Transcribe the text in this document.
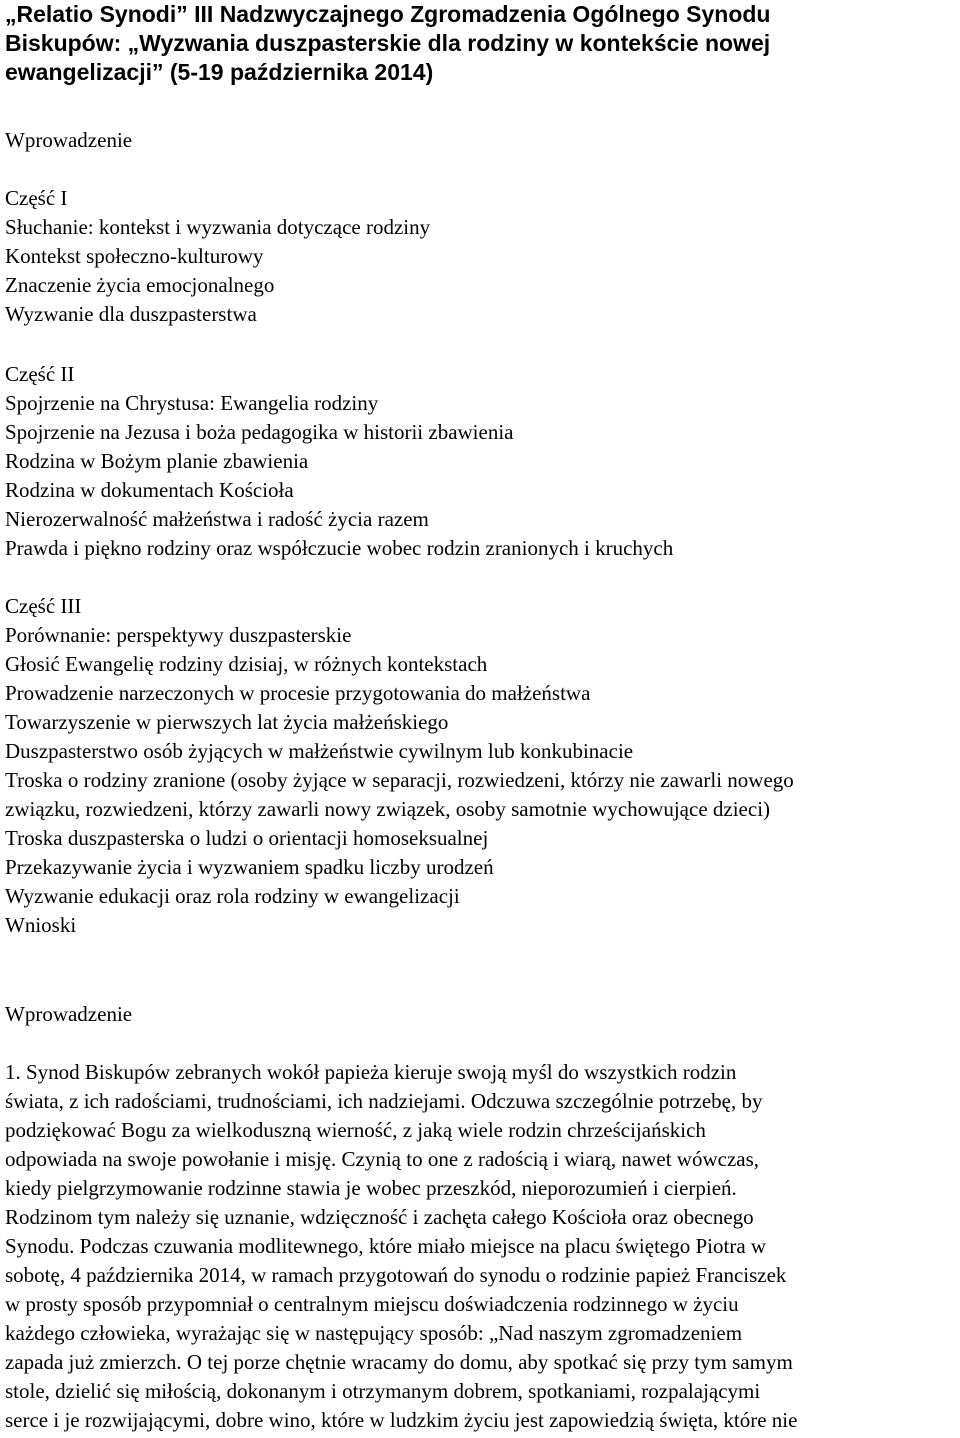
„Relatio Synodi” III Nadzwyczajnego Zgromadzenia Ogólnego Synodu
Biskupów: „Wyzwania duszpasterskie dla rodziny w kontekście nowej
ewangelizacji” (5-19 października 2014)
Wprowadzenie
Część I
Słuchanie: kontekst i wyzwania dotyczące rodziny
Kontekst społeczno-kulturowy
Znaczenie życia emocjonalnego
Wyzwanie dla duszpasterstwa
Część II
Spojrzenie na Chrystusa: Ewangelia rodziny
Spojrzenie na Jezusa i boża pedagogika w historii zbawienia
Rodzina w Bożym planie zbawienia
Rodzina w dokumentach Kościoła
Nierozerwalność małżeństwa i radość życia razem
Prawda i piękno rodziny oraz współczucie wobec rodzin zranionych i kruchych
Część III
Porównanie: perspektywy duszpasterskie
Głosić Ewangelię rodziny dzisiaj, w różnych kontekstach
Prowadzenie narzeczonych w procesie przygotowania do małżeństwa
Towarzyszenie w pierwszych lat życia małżeńskiego
Duszpasterstwo osób żyjących w małżeństwie cywilnym lub konkubinacie
Troska o rodziny zranione (osoby żyjące w separacji, rozwiedzeni, którzy nie zawarli nowego
związku, rozwiedzeni, którzy zawarli nowy związek, osoby samotnie wychowujące dzieci)
Troska duszpasterska o ludzi o orientacji homoseksualnej
Przekazywanie życia i wyzwaniem spadku liczby urodzeń
Wyzwanie edukacji oraz rola rodziny w ewangelizacji
Wnioski
Wprowadzenie
1. Synod Biskupów zebranych wokół papieża kieruje swoją myśl do wszystkich rodzin
świata, z ich radościami, trudnościami, ich nadziejami. Odczuwa szczególnie potrzebę, by
podziękować Bogu za wielkoduszną wierność, z jaką wiele rodzin chrześcijańskich
odpowiada na swoje powołanie i misję. Czynią to one z radością i wiarą, nawet wówczas,
kiedy pielgrzymowanie rodzinne stawia je wobec przeszkód, nieporozumień i cierpień.
Rodzinom tym należy się uznanie, wdzięczność i zachęta całego Kościoła oraz obecnego
Synodu. Podczas czuwania modlitewnego, które miało miejsce na placu świętego Piotra w
sobotę, 4 października 2014, w ramach przygotowań do synodu o rodzinie papież Franciszek
w prosty sposób przypomniał o centralnym miejscu doświadczenia rodzinnego w życiu
każdego człowieka, wyrażając się w następujący sposób: „Nad naszym zgromadzeniem
zapada już zmierzch. O tej porze chętnie wracamy do domu, aby spotkać się przy tym samym
stole, dzielić się miłością, dokonanym i otrzymanym dobrem, spotkaniami, rozpalającymi
serce i je rozwijającymi, dobre wino, które w ludzkim życiu jest zapowiedzią święta, które nie
